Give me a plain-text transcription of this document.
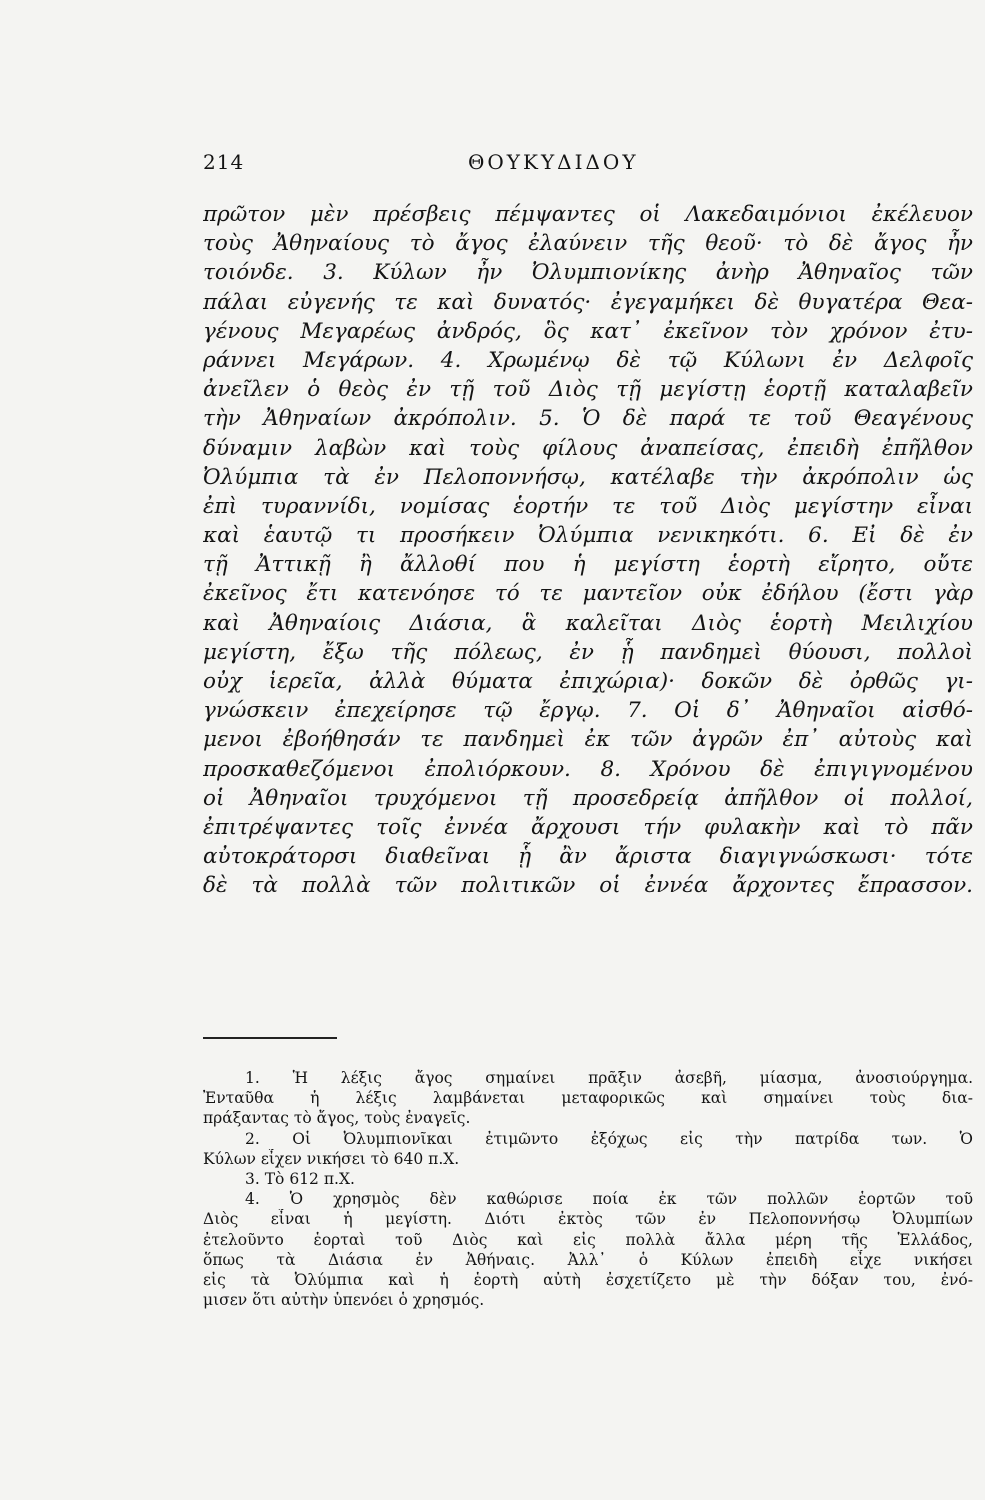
214	ΘΟΥΚΥΔΙΔΟΥ
πρῶτον μὲν πρέσβεις πέμψαντες οἱ Λακεδαιμόνιοι ἐκέλευον
τοὺς Ἀθηναίους τὸ ἄγος ἐλαύνειν τῆς θεοῦ· τὸ δὲ ἄγος ἦν
τοιόνδε. 3. Κύλων ἦν Ὀλυμπιονίκης ἀνὴρ Ἀθηναῖος τῶν
πάλαι εὐγενής τε καὶ δυνατός· ἐγεγαμήκει δὲ θυγατέρα Θεα-
γένους Μεγαρέως ἀνδρός, ὃς κατ᾽ ἐκεῖνον τὸν χρόνον ἐτυ-
ράννει Μεγάρων. 4. Χρωμένῳ δὲ τῷ Κύλωνι ἐν Δελφοῖς
ἀνεῖλεν ὁ θεὸς ἐν τῇ τοῦ Διὸς τῇ μεγίστῃ ἑορτῇ καταλαβεῖν
τὴν Ἀθηναίων ἀκρόπολιν. 5. Ὁ δὲ παρά τε τοῦ Θεαγένους
δύναμιν λαβὼν καὶ τοὺς φίλους ἀναπείσας, ἐπειδὴ ἐπῆλθον
Ὀλύμπια τὰ ἐν Πελοποννήσῳ, κατέλαβε τὴν ἀκρόπολιν ὡς
ἐπὶ τυραννίδι, νομίσας ἑορτήν τε τοῦ Διὸς μεγίστην εἶναι
καὶ ἑαυτῷ τι προσήκειν Ὀλύμπια νενικηκότι. 6. Εἰ δὲ ἐν
τῇ Ἀττικῇ ἢ ἄλλοθί που ἡ μεγίστη ἑορτὴ εἴρητο, οὔτε
ἐκεῖνος ἔτι κατενόησε τό τε μαντεῖον οὐκ ἐδήλου (ἔστι γὰρ
καὶ Ἀθηναίοις Διάσια, ἃ καλεῖται Διὸς ἑορτὴ Μειλιχίου
μεγίστη, ἔξω τῆς πόλεως, ἐν ᾗ πανδημεὶ θύουσι, πολλοὶ
οὐχ ἱερεῖα, ἀλλὰ θύματα ἐπιχώρια)· δοκῶν δὲ ὀρθῶς γι-
γνώσκειν ἐπεχείρησε τῷ ἔργῳ. 7. Οἱ δ᾽ Ἀθηναῖοι αἰσθό-
μενοι ἐβοήθησάν τε πανδημεὶ ἐκ τῶν ἀγρῶν ἐπ᾽ αὐτοὺς καὶ
προσκαθεζόμενοι ἐπολιόρκουν. 8. Χρόνου δὲ ἐπιγιγνομένου
οἱ Ἀθηναῖοι τρυχόμενοι τῇ προσεδρείᾳ ἀπῆλθον οἱ πολλοί,
ἐπιτρέψαντες τοῖς ἐννέα ἄρχουσι τήν φυλακὴν καὶ τὸ πᾶν
αὐτοκράτορσι διαθεῖναι ᾗ ἂν ἄριστα διαγιγνώσκωσι· τότε
δὲ τὰ πολλὰ τῶν πολιτικῶν οἱ ἐννέα ἄρχοντες ἔπρασσον.
1. Ἡ λέξις ἄγος σημαίνει πρᾶξιν ἀσεβῆ, μίασμα, ἀνοσιούργημα.
Ἐνταῦθα ἡ λέξις λαμβάνεται μεταφορικῶς καὶ σημαίνει τοὺς δια-
πράξαντας τὸ ἄγος, τοὺς ἐναγεῖς.
2. Οἱ Ὀλυμπιονῖκαι ἐτιμῶντο ἐξόχως εἰς τὴν πατρίδα των. Ὁ
Κύλων εἶχεν νικήσει τὸ 640 π.Χ.
3. Τὸ 612 π.Χ.
4. Ὁ χρησμὸς δὲν καθώρισε ποία ἐκ τῶν πολλῶν ἑορτῶν τοῦ
Διὸς εἶναι ἡ μεγίστη. Διότι ἐκτὸς τῶν ἐν Πελοποννήσῳ Ὀλυμπίων
ἐτελοῦντο ἑορταὶ τοῦ Διὸς καὶ εἰς πολλὰ ἄλλα μέρη τῆς Ἑλλάδος,
ὅπως τὰ Διάσια ἐν Ἀθήναις. Ἀλλ᾽ ὁ Κύλων ἐπειδὴ εἶχε νικήσει
εἰς τὰ Ὀλύμπια καὶ ἡ ἑορτὴ αὐτὴ ἐσχετίζετο μὲ τὴν δόξαν του, ἐνό-
μισεν ὅτι αὐτὴν ὑπενόει ὁ χρησμός.
